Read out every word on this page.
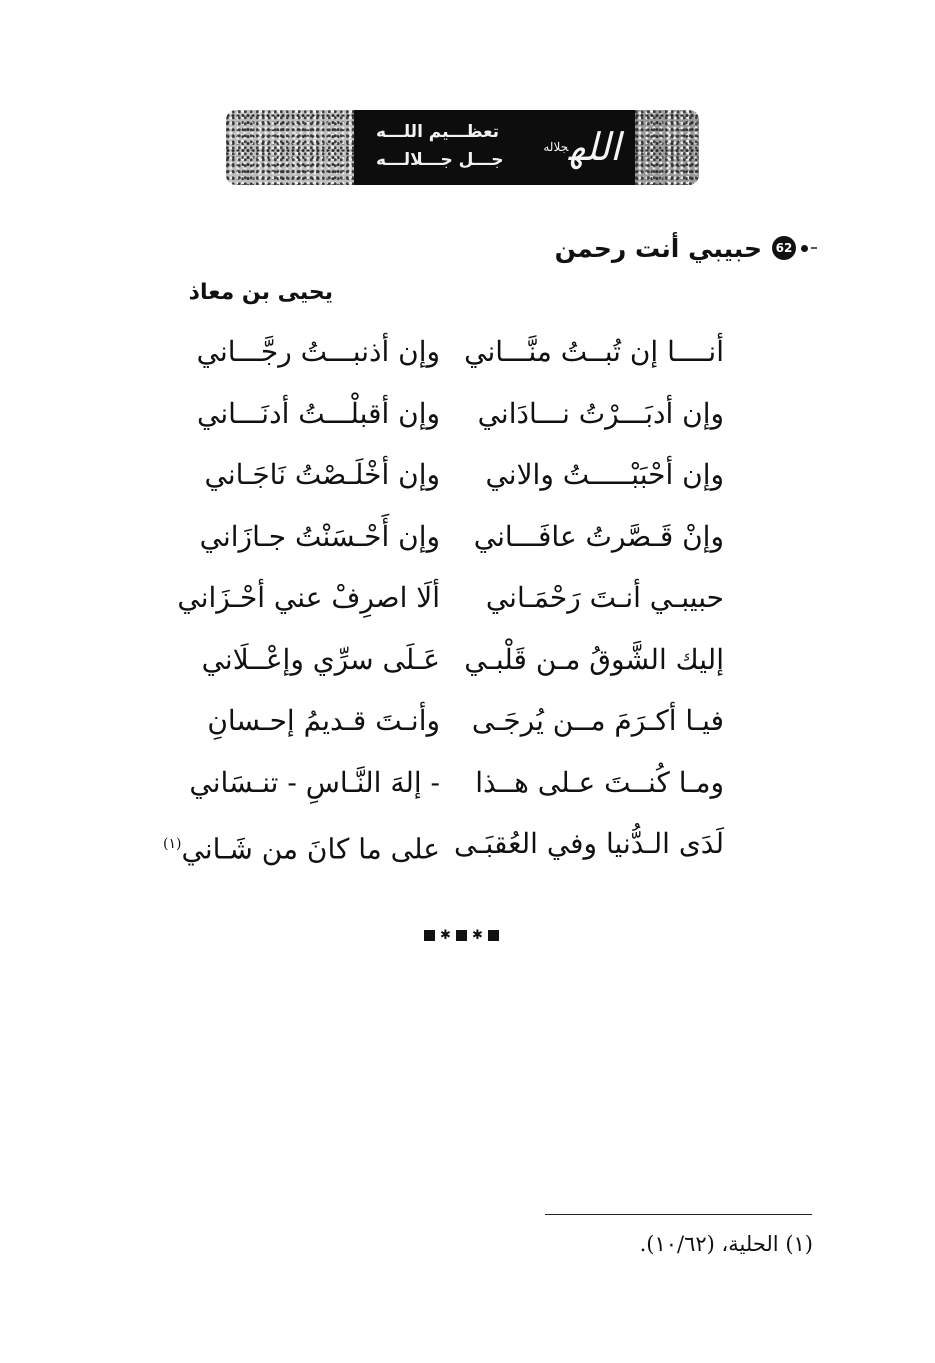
تعظـــيم اللـــه
جـــل جـــلالـــه	الله$^{جلاله}$
62
حبيبي أنت رحمن
يحيى بن معاذ
أنــــا إن تُبــتُ منَّـــاني
وإن أذنبـــتُ رجَّـــاني
وإن أدبَـــرْتُ نـــادَاني
وإن أقبلْـــتُ أدنَـــاني
وإن أحْبَبْـــــتُ والاني
وإن أخْلَـصْتُ نَاجَـاني
وإنْ قَـصَّرتُ عافَـــاني
وإن أَحْـسَنْتُ جـازَاني
حبيبـي أنـتَ رَحْمَـاني
ألَا اصرِفْ عني أحْـزَاني
إليك الشَّوقُ مـن قَلْبـي
عَـلَى سرِّي وإعْــلَاني
فيـا أكـرَمَ مــن يُرجَـى
وأنـتَ قـديمُ إحـسانِ
ومـا كُنــتَ عـلى هــذا
- إلهَ النَّـاسِ - تنـسَاني
لَدَى الـدُّنيا وفي العُقبَـى
على ما كانَ من شَـاني$^{(١)}$
✱ ✱
(١) الحلية، (١٠/٦٢).
